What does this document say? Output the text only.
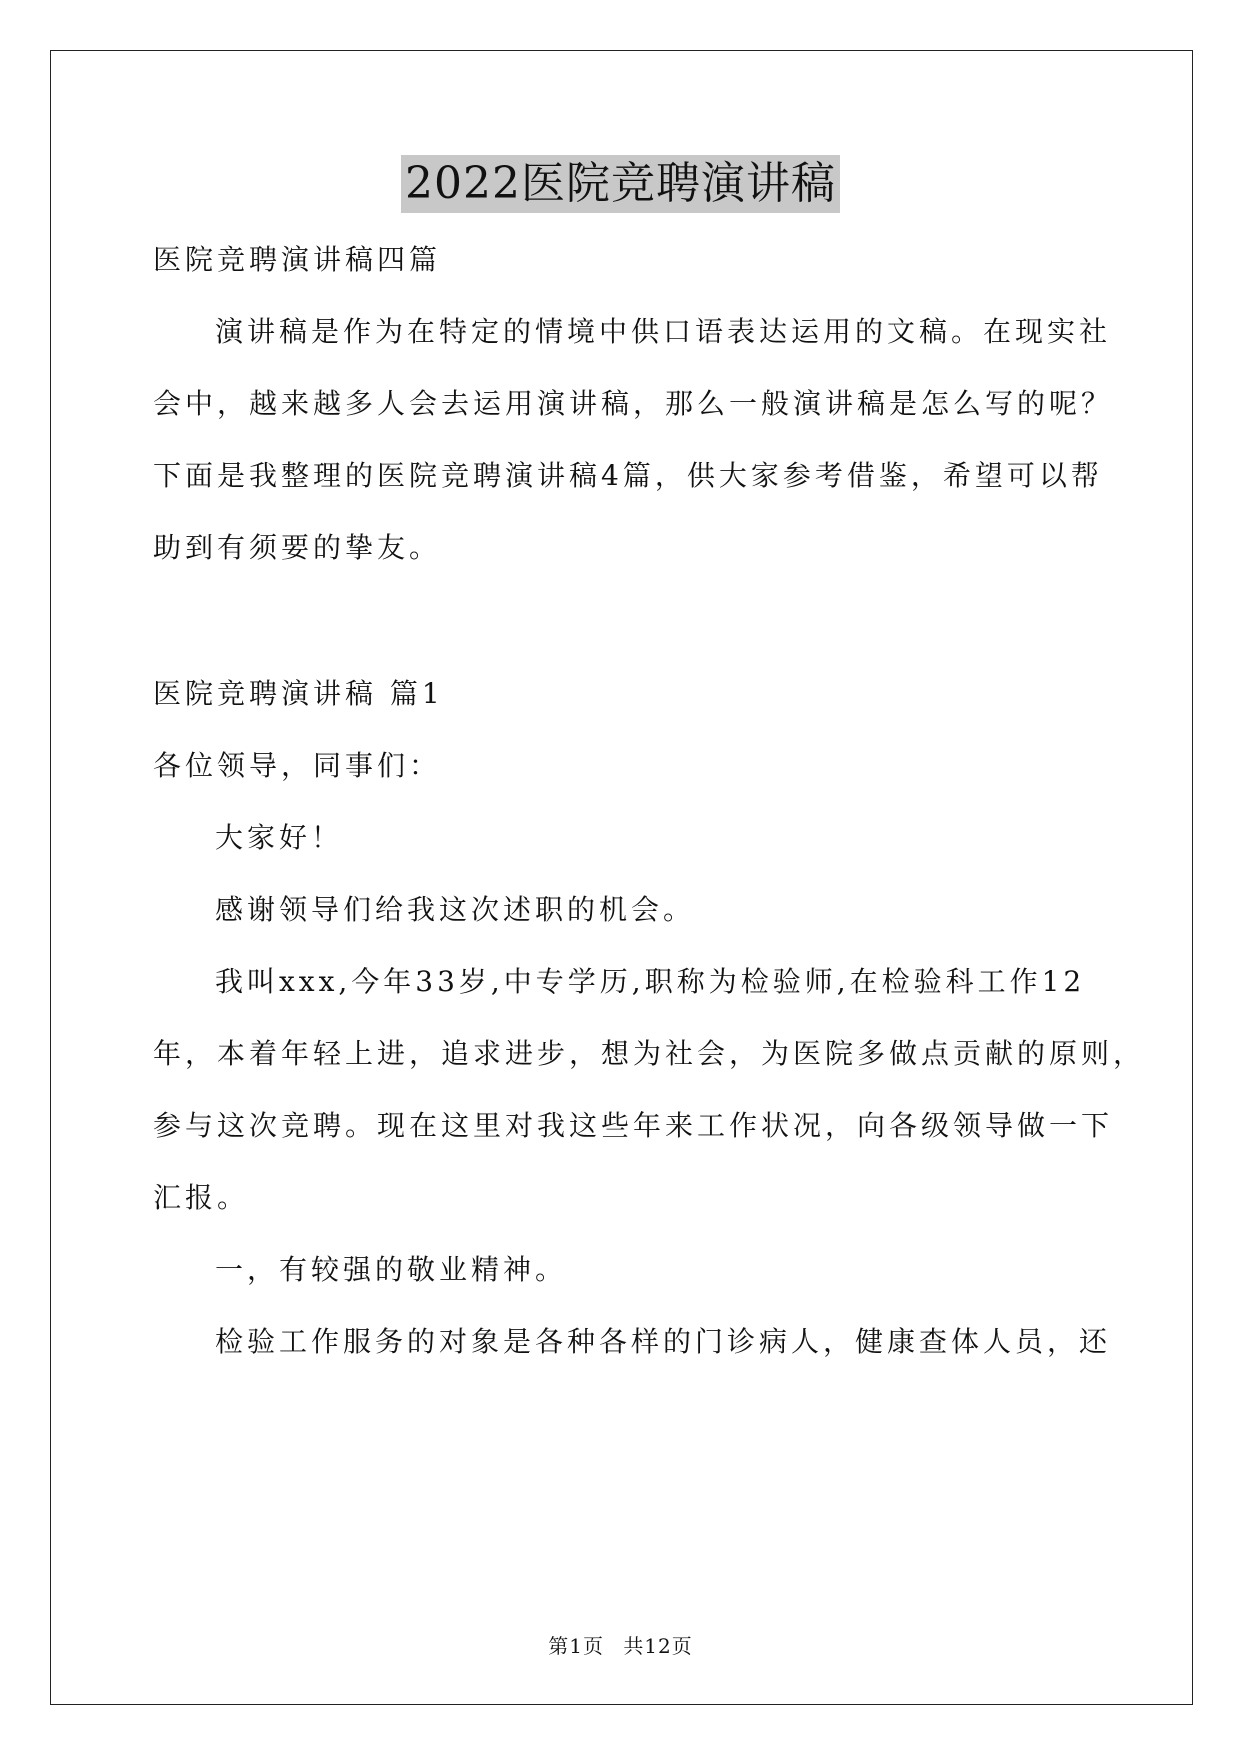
2022医院竞聘演讲稿
医院竞聘演讲稿四篇
演讲稿是作为在特定的情境中供口语表达运用的文稿。在现实社
会中，越来越多人会去运用演讲稿，那么一般演讲稿是怎么写的呢？
下面是我整理的医院竞聘演讲稿4篇，供大家参考借鉴，希望可以帮
助到有须要的挚友。
医院竞聘演讲稿 篇1
各位领导，同事们：
大家好！
感谢领导们给我这次述职的机会。
我叫xxx,今年33岁,中专学历,职称为检验师,在检验科工作12
年，本着年轻上进，追求进步，想为社会，为医院多做点贡献的原则，
参与这次竞聘。现在这里对我这些年来工作状况，向各级领导做一下
汇报。
一，有较强的敬业精神。
检验工作服务的对象是各种各样的门诊病人，健康查体人员，还
第1页 共12页
